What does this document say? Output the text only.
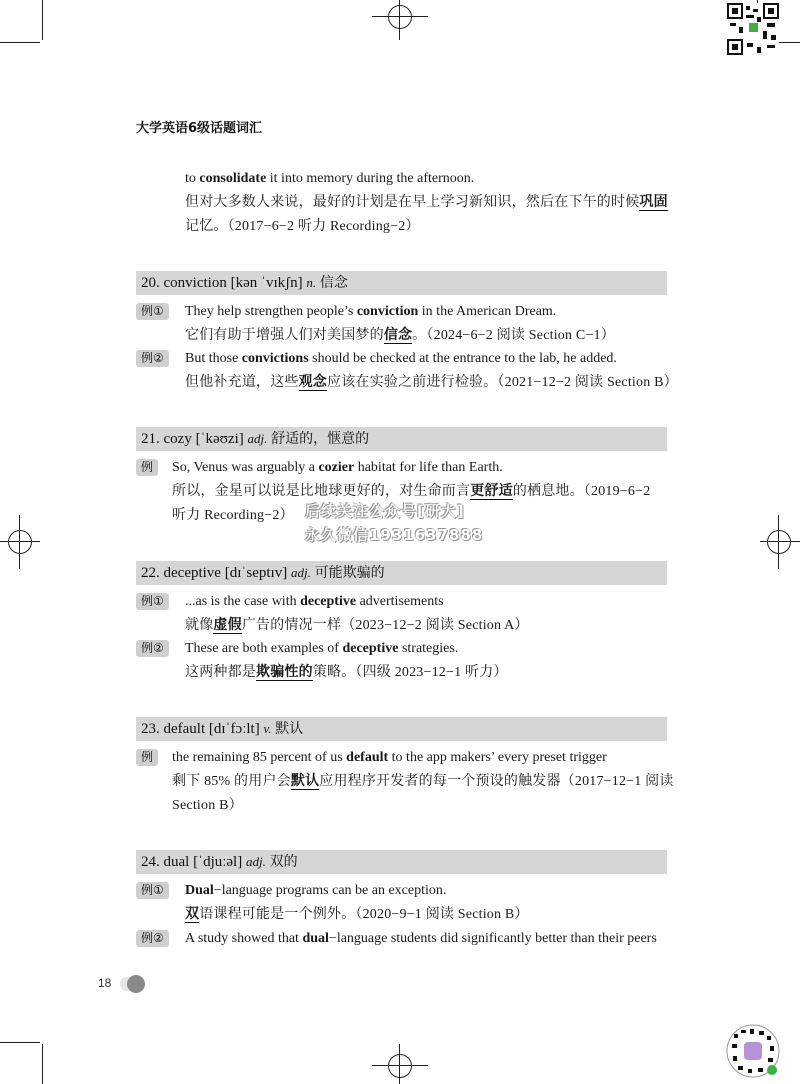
大学英语6级话题词汇
to consolidate it into memory during the afternoon.
但对大多数人来说，最好的计划是在早上学习新知识，然后在下午的时候巩固
记忆。（2017−6−2 听力 Recording−2）
20. conviction [kən ˈvɪkʃn] n. 信念
例①	They help strengthen people’s conviction in the American Dream.
它们有助于增强人们对美国梦的信念。（2024−6−2 阅读 Section C−1）
例②	But those convictions should be checked at the entrance to the lab, he added.
但他补充道，这些观念应该在实验之前进行检验。（2021−12−2 阅读 Section B）
21. cozy [ˈkəʊzi] adj. 舒适的，惬意的
例	So, Venus was arguably a cozier habitat for life than Earth.
所以，金星可以说是比地球更好的，对生命而言更舒适的栖息地。（2019−6−2
听力 Recording−2） 后续关注公众号[研大]
永久微信1931637888
22. deceptive [dɪˈseptɪv] adj. 可能欺骗的
例①	...as is the case with deceptive advertisements
就像虚假广告的情况一样（2023−12−2 阅读 Section A）
例②	These are both examples of deceptive strategies.
这两种都是欺骗性的策略。（四级 2023−12−1 听力）
23. default [dɪˈfɔːlt] v. 默认
例	the remaining 85 percent of us default to the app makers’ every preset trigger
剩下 85% 的用户会默认应用程序开发者的每一个预设的触发器（2017−12−1 阅读
Section B）
24. dual [ˈdjuːəl] adj. 双的
例①	Dual−language programs can be an exception.
双语课程可能是一个例外。（2020−9−1 阅读 Section B）
例②	A study showed that dual−language students did significantly better than their peers
18
